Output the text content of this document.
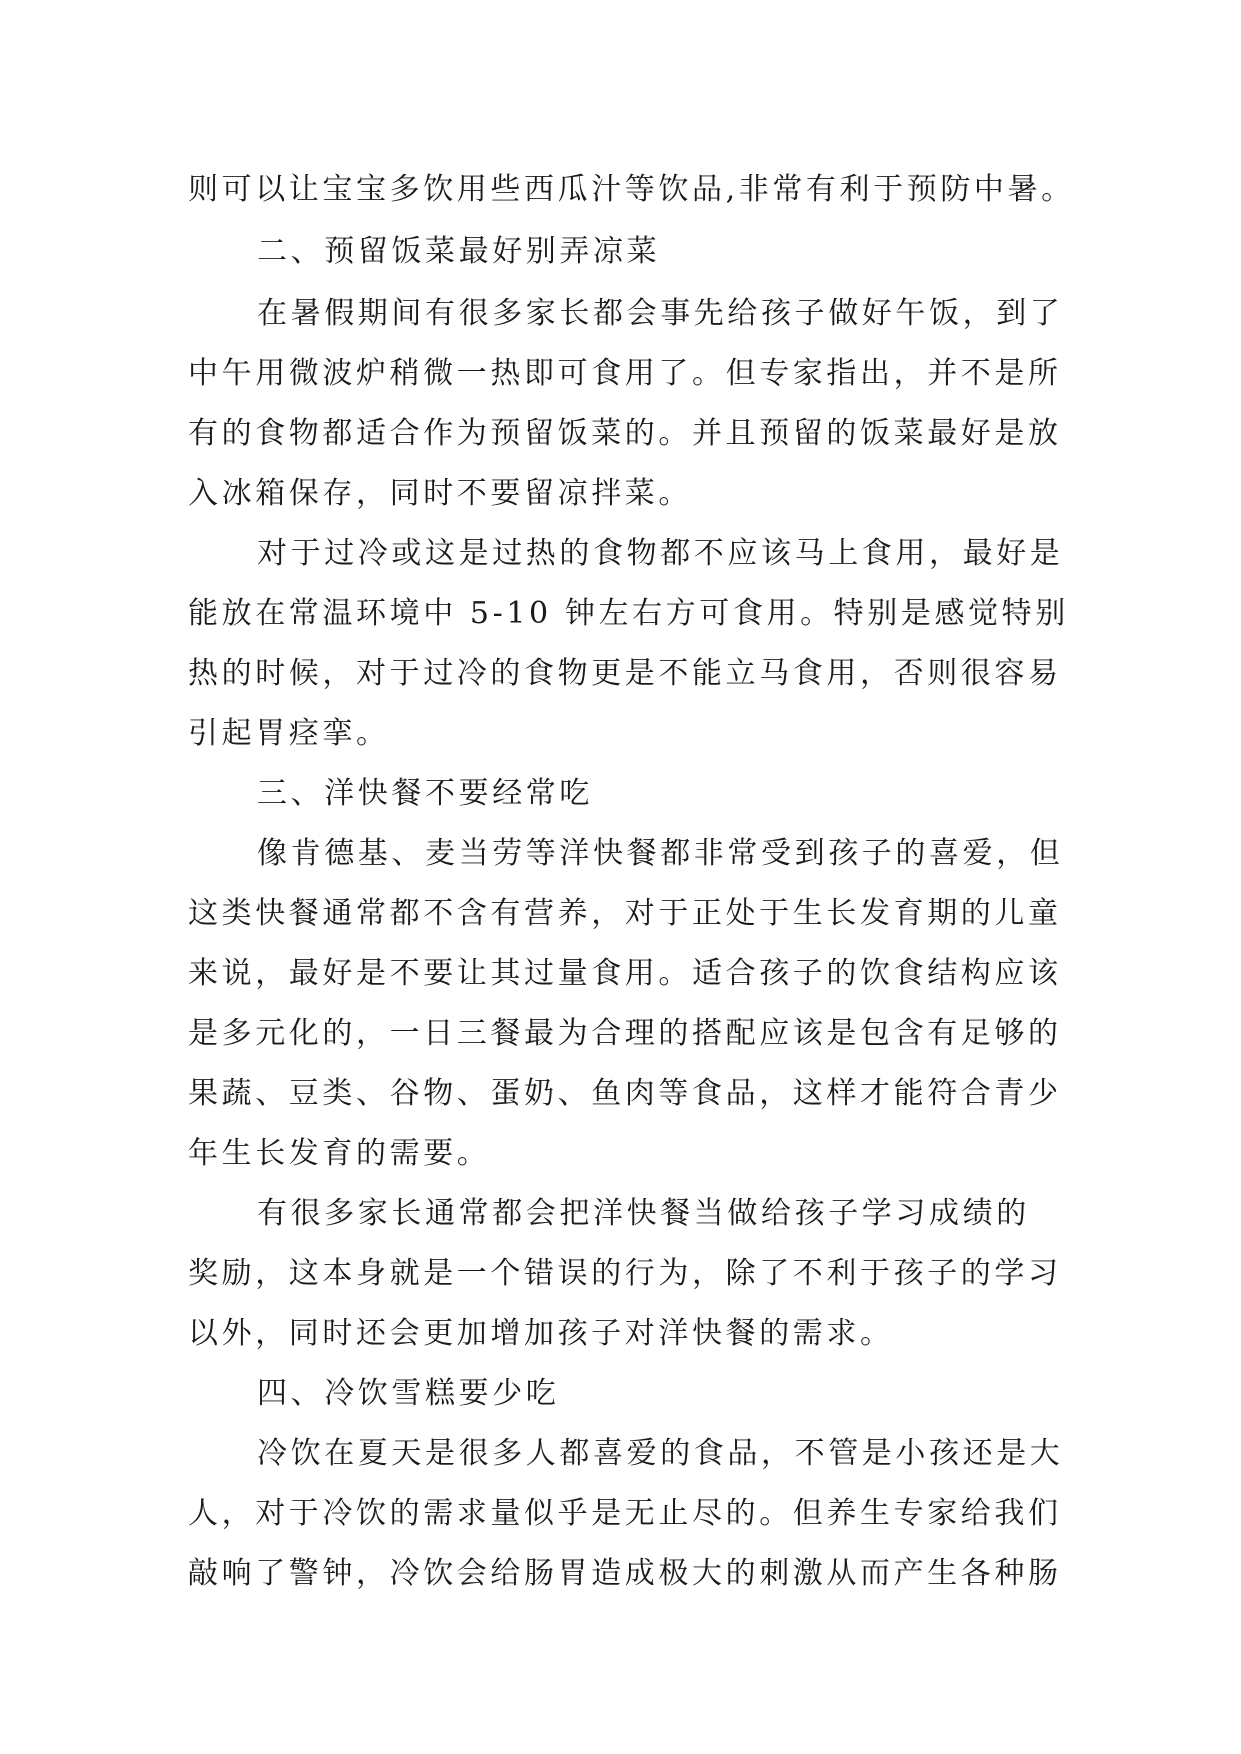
则可以让宝宝多饮用些西瓜汁等饮品,非常有利于预防中暑。
二、预留饭菜最好别弄凉菜
在暑假期间有很多家长都会事先给孩子做好午饭，到了
中午用微波炉稍微一热即可食用了。但专家指出，并不是所
有的食物都适合作为预留饭菜的。并且预留的饭菜最好是放
入冰箱保存，同时不要留凉拌菜。
对于过冷或这是过热的食物都不应该马上食用，最好是
能放在常温环境中 5-10 钟左右方可食用。特别是感觉特别
热的时候，对于过冷的食物更是不能立马食用，否则很容易
引起胃痉挛。
三、洋快餐不要经常吃
像肯德基、麦当劳等洋快餐都非常受到孩子的喜爱，但
这类快餐通常都不含有营养，对于正处于生长发育期的儿童
来说，最好是不要让其过量食用。适合孩子的饮食结构应该
是多元化的，一日三餐最为合理的搭配应该是包含有足够的
果蔬、豆类、谷物、蛋奶、鱼肉等食品，这样才能符合青少
年生长发育的需要。
有很多家长通常都会把洋快餐当做给孩子学习成绩的
奖励，这本身就是一个错误的行为，除了不利于孩子的学习
以外，同时还会更加增加孩子对洋快餐的需求。
四、冷饮雪糕要少吃
冷饮在夏天是很多人都喜爱的食品，不管是小孩还是大
人，对于冷饮的需求量似乎是无止尽的。但养生专家给我们
敲响了警钟，冷饮会给肠胃造成极大的刺激从而产生各种肠
